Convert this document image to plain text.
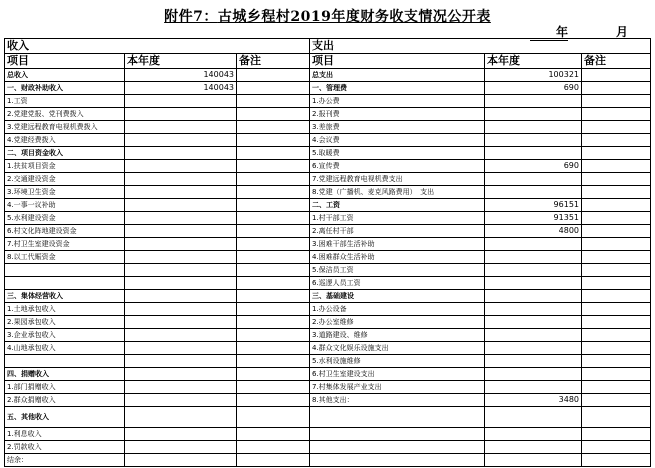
附件7：古城乡程村2019年度财务收支情况公开表
年	月
收入			支出		
项目	本年度	备注	项目	本年度	备注
总收入	140043		总支出	100321	
一、财政补助收入	140043		一、管理费	690	
1.工资			1.办公费		
2.党建党报、党刊费拨入			2.报刊费		
3.党建远程教育电视机费拨入			3.差旅费		
4.党建经费拨入			4.会议费		
二、项目资金收入			5.取暖费		
1.扶贫项目资金			6.宣传费	690	
2.交通建设资金			7.党建远程教育电视机费支出		
3.环境卫生资金			8.党建（广播机、麦克风路费用）　支出		
4.一事一议补助			二、工资	96151	
5.水利建设资金			1.村干部工资	91351	
6.村文化阵地建设资金			2.离任村干部	4800	
7.村卫生室建设资金			3.困难干部生活补助		
8.以工代赈资金			4.困难群众生活补助		
			5.保洁员工资		
			6.巡逻人员工资		
三、集体经营收入			三、基础建设		
1.土地承包收入			1.办公设备		
2.果园承包收入			2.办公室维修		
3.企业承包收入			3.道路建设、维修		
4.山地承包收入			4.群众文化娱乐设施支出		
			5.水利设施维修		
四、捐赠收入			6.村卫生室建设支出		
1.部门捐赠收入			7.村集体发展产业支出		
2.群众捐赠收入			8.其他支出：	3480	
五、其他收入					
1.利息收入					
2.罚款收入					
结余：					
